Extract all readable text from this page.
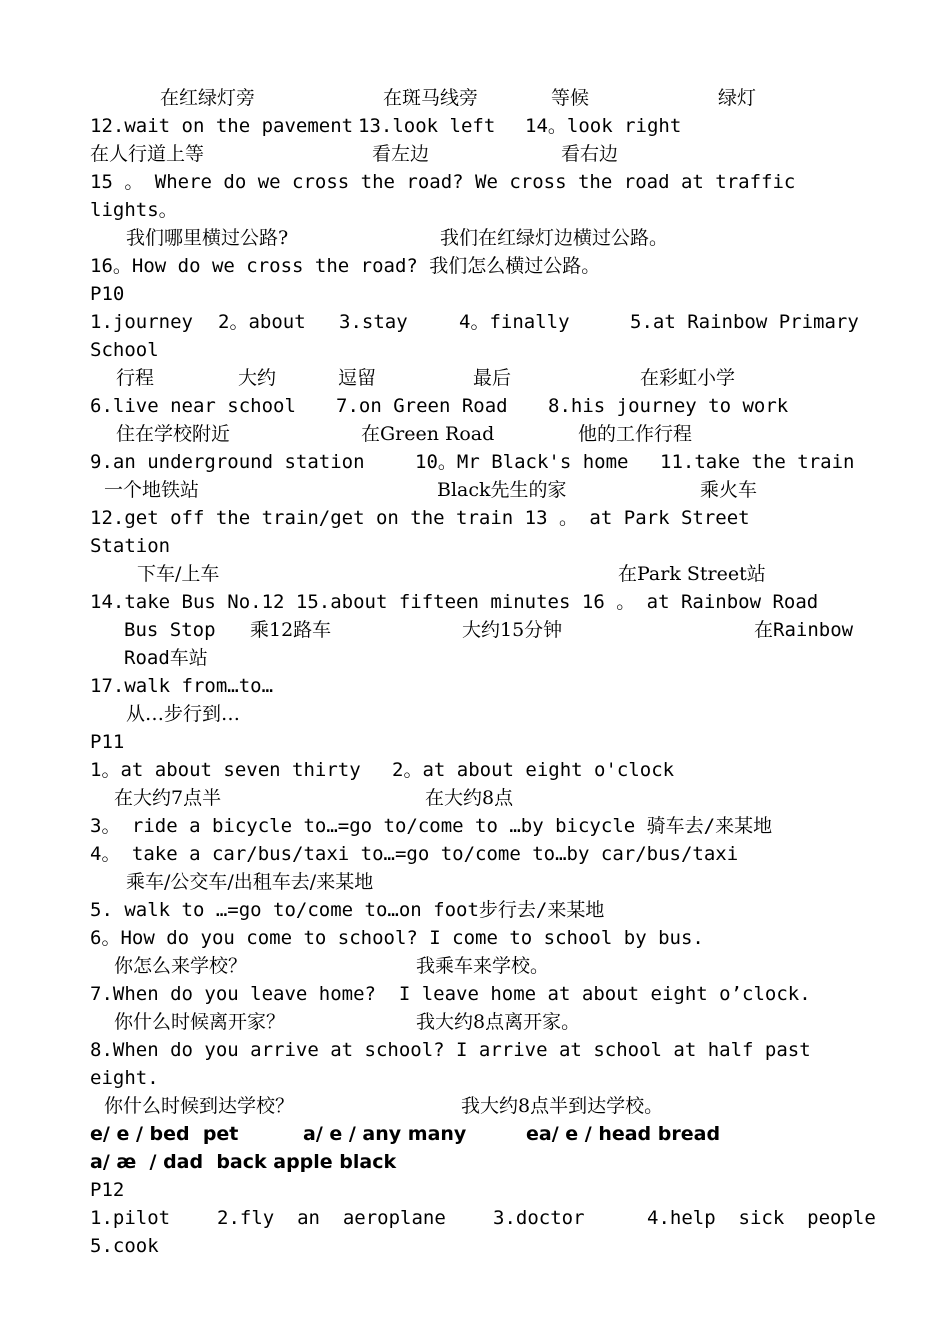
在红绿灯旁	在斑马线旁	等候	绿灯
12.wait on the pavement 13.look left 14。look right
在人行道上等	看左边	看右边
15 。 Where do we cross the road? We cross the road at traffic
lights。
我们哪里横过公路?	我们在红绿灯边横过公路。
16。How do we cross the road? 我们怎么横过公路。
P10
1.journey 2。about 3.stay	4。finally	5.at Rainbow Primary
School
行程	大约	逗留	最后	在彩虹小学
6.live near school 7.on Green Road 8.his journey to work
住在学校附近	在Green Road	他的工作行程
9.an underground station	10。Mr Black's home 11.take the train
一个地铁站	Black先生的家	乘火车
12.get off the train/get on the train 13 。 at Park Street
Station
下车/上车	在Park Street站
14.take Bus No.12 15.about fifteen minutes 16 。 at Rainbow Road
Bus Stop 乘12路车	大约15分钟	在Rainbow
Road车站
17.walk from…to…
从…步行到…
P11
1。at about seven thirty 2。at about eight o'clock
在大约7点半	在大约8点
3。 ride a bicycle to…=go to/come to …by bicycle 骑车去/来某地
4。 take a car/bus/taxi to…=go to/come to…by car/bus/taxi
乘车/公交车/出租车去/来某地
5. walk to …=go to/come to…on foot步行去/来某地
6。How do you come to school? I come to school by bus.
你怎么来学校？	我乘车来学校。
7.When do you leave home?  I leave home at about eight o’clock.
你什么时候离开家？	我大约8点离开家。
8.When do you arrive at school? I arrive at school at half past
eight.
你什么时候到达学校？	我大约8点半到达学校。
e/ e / bed  pet	a/ e / any many	ea/ e / head bread
a/ æ  / dad  back apple black
P12
1.pilot 2.fly  an  aeroplane 3.doctor	4.help  sick  people
5.cook
